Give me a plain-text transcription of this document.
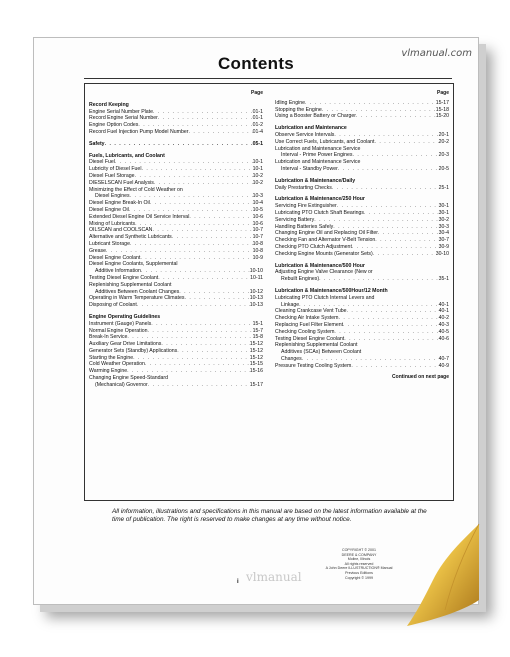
Contents
vlmanual.com
Page
Record Keeping
Engine Serial Number Plate . . .	01-1
Record Engine Serial Number . . .	01-1
Engine Option Codes . . .	01-2
Record Fuel Injection Pump Model Number . . .	01-4
Safety . . .	05-1
Fuels, Lubricants, and Coolant
Diesel Fuel . . .	10-1
Lubricity of Diesel Fuel . . .	10-1
Diesel Fuel Storage . . .	10-2
DIESELSCAN Fuel Analysis . . .	10-2
Minimizing the Effect of Cold Weather on
Diesel Engines . . .	10-3
Diesel Engine Break-In Oil . . .	10-4
Diesel Engine Oil . . .	10-5
Extended Diesel Engine Oil Service Interval . . .	10-6
Mixing of Lubricants . . .	10-6
OILSCAN and COOLSCAN . . .	10-7
Alternative and Synthetic Lubricants . . .	10-7
Lubricant Storage . . .	10-8
Grease . . .	10-8
Diesel Engine Coolant . . .	10-9
Diesel Engine Coolants, Supplemental
Additive Information . . .	10-10
Testing Diesel Engine Coolant . . .	10-11
Replenishing Supplemental Coolant
Additives Between Coolant Changes . . .	10-12
Operating in Warm Temperature Climates . . .	10-13
Disposing of Coolant . . .	10-13
Engine Operating Guidelines
Instrument (Gauge) Panels . . .	15-1
Normal Engine Operation . . .	15-7
Break-In Service . . .	15-8
Auxiliary Gear Drive Limitations . . .	15-12
Generator Sets (Standby) Applications . . .	15-12
Starting the Engine . . .	15-12
Cold Weather Operation . . .	15-15
Warming Engine . . .	15-16
Changing Engine Speed-Standard
(Mechanical) Governor . . .	15-17
Page
Idling Engine . . .	15-17
Stopping the Engine . . .	15-18
Using a Booster Battery or Charger . . .	15-20
Lubrication and Maintenance
Observe Service Intervals . . .	20-1
Use Correct Fuels, Lubricants, and Coolant . . .	20-2
Lubrication and Maintenance Service
Interval - Prime Power Engines . . .	20-3
Lubrication and Maintenance Service
Interval - Standby Power . . .	20-5
Lubrication & Maintenance/Daily
Daily Prestarting Checks . . .	25-1
Lubrication & Maintenance/250 Hour
Servicing Fire Extinguisher . . .	30-1
Lubricating PTO Clutch Shaft Bearings . . .	30-1
Servicing Battery . . .	30-2
Handling Batteries Safely . . .	30-3
Changing Engine Oil and Replacing Oil Filter . . .	30-4
Checking Fan and Alternator V-Belt Tension . . .	30-7
Checking PTO Clutch Adjustment . . .	30-9
Checking Engine Mounts (Generator Sets) . . .	30-10
Lubrication & Maintenance/500 Hour
Adjusting Engine Valve Clearance (New or
Rebuilt Engines) . . .	35-1
Lubrication & Maintenance/500Hour/12 Month
Lubricating PTO Clutch Internal Levers and
Linkage . . .	40-1
Cleaning Crankcase Vent Tube . . .	40-1
Checking Air Intake System . . .	40-2
Replacing Fuel Filter Element . . .	40-3
Checking Cooling System . . .	40-5
Testing Diesel Engine Coolant . . .	40-6
Replenishing Supplemental Coolant
Additives (SCAs) Between Coolant
Changes . . .	40-7
Pressure Testing Cooling System . . .	40-9
Continued on next page
All information, illustrations and specifications in this manual are based on the latest information available at the time of publication. The right is reserved to make changes at any time without notice.
COPYRIGHT © 2001
DEERE & COMPANY
Moline, Illinois
All rights reserved
A John Deere ILLUSTRUCTION® Manual
Previous Editions
Copyright © 1999
vlmanual
i
